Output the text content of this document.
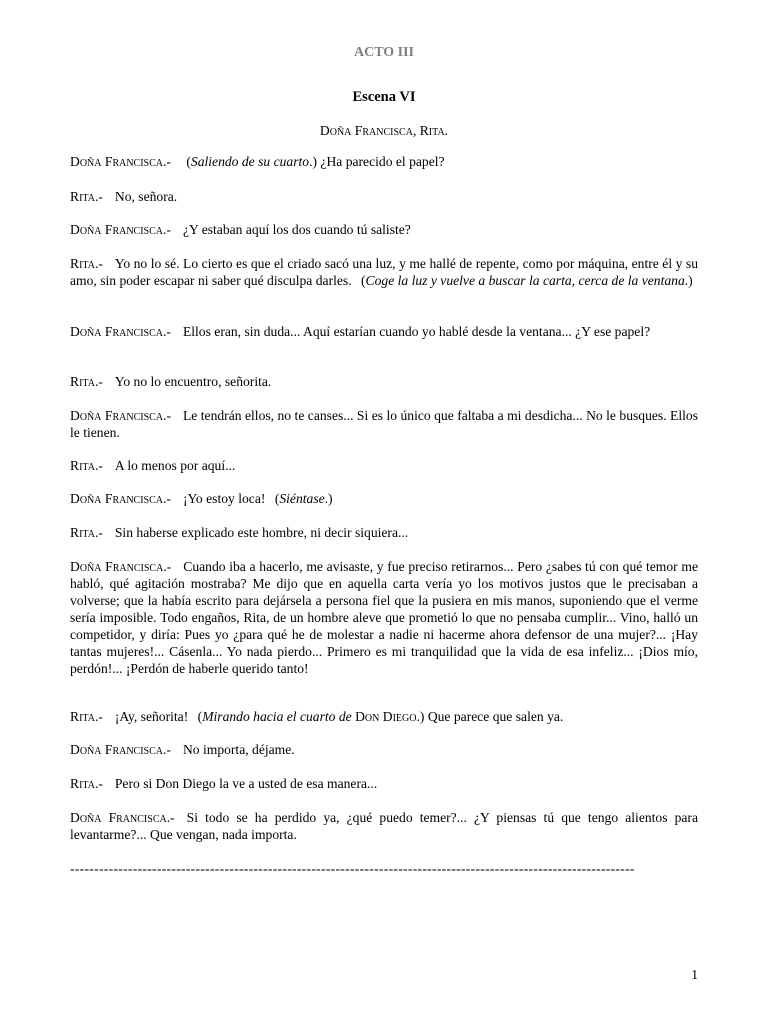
ACTO III
Escena VI
Doña Francisca, Rita.
Doña Francisca.- (Saliendo de su cuarto.) ¿Ha parecido el papel?
Rita.- No, señora.
Doña Francisca.- ¿Y estaban aquí los dos cuando tú saliste?
Rita.- Yo no lo sé. Lo cierto es que el criado sacó una luz, y me hallé de repente, como por máquina, entre él y su amo, sin poder escapar ni saber qué disculpa darles. (Coge la luz y vuelve a buscar la carta, cerca de la ventana.)
Doña Francisca.- Ellos eran, sin duda... Aquí estarían cuando yo hablé desde la ventana... ¿Y ese papel?
Rita.- Yo no lo encuentro, señorita.
Doña Francisca.- Le tendrán ellos, no te canses... Si es lo único que faltaba a mi desdicha... No le busques. Ellos le tienen.
Rita.- A lo menos por aquí...
Doña Francisca.- ¡Yo estoy loca! (Siéntase.)
Rita.- Sin haberse explicado este hombre, ni decir siquiera...
Doña Francisca.- Cuando iba a hacerlo, me avisaste, y fue preciso retirarnos... Pero ¿sabes tú con qué temor me habló, qué agitación mostraba? Me dijo que en aquella carta vería yo los motivos justos que le precisaban a volverse; que la había escrito para dejársela a persona fiel que la pusiera en mis manos, suponiendo que el verme sería imposible. Todo engaños, Rita, de un hombre aleve que prometió lo que no pensaba cumplir... Vino, halló un competidor, y diría: Pues yo ¿para qué he de molestar a nadie ni hacerme ahora defensor de una mujer?... ¡Hay tantas mujeres!... Cásenla... Yo nada pierdo... Primero es mi tranquilidad que la vida de esa infeliz... ¡Dios mío, perdón!... ¡Perdón de haberle querido tanto!
Rita.- ¡Ay, señorita! (Mirando hacia el cuarto de Don Diego.) Que parece que salen ya.
Doña Francisca.- No importa, déjame.
Rita.- Pero si Don Diego la ve a usted de esa manera...
Doña Francisca.- Si todo se ha perdido ya, ¿qué puedo temer?... ¿Y piensas tú que tengo alientos para levantarme?... Que vengan, nada importa.
---------------------------------------------------------------------------------------------------------------------
1
